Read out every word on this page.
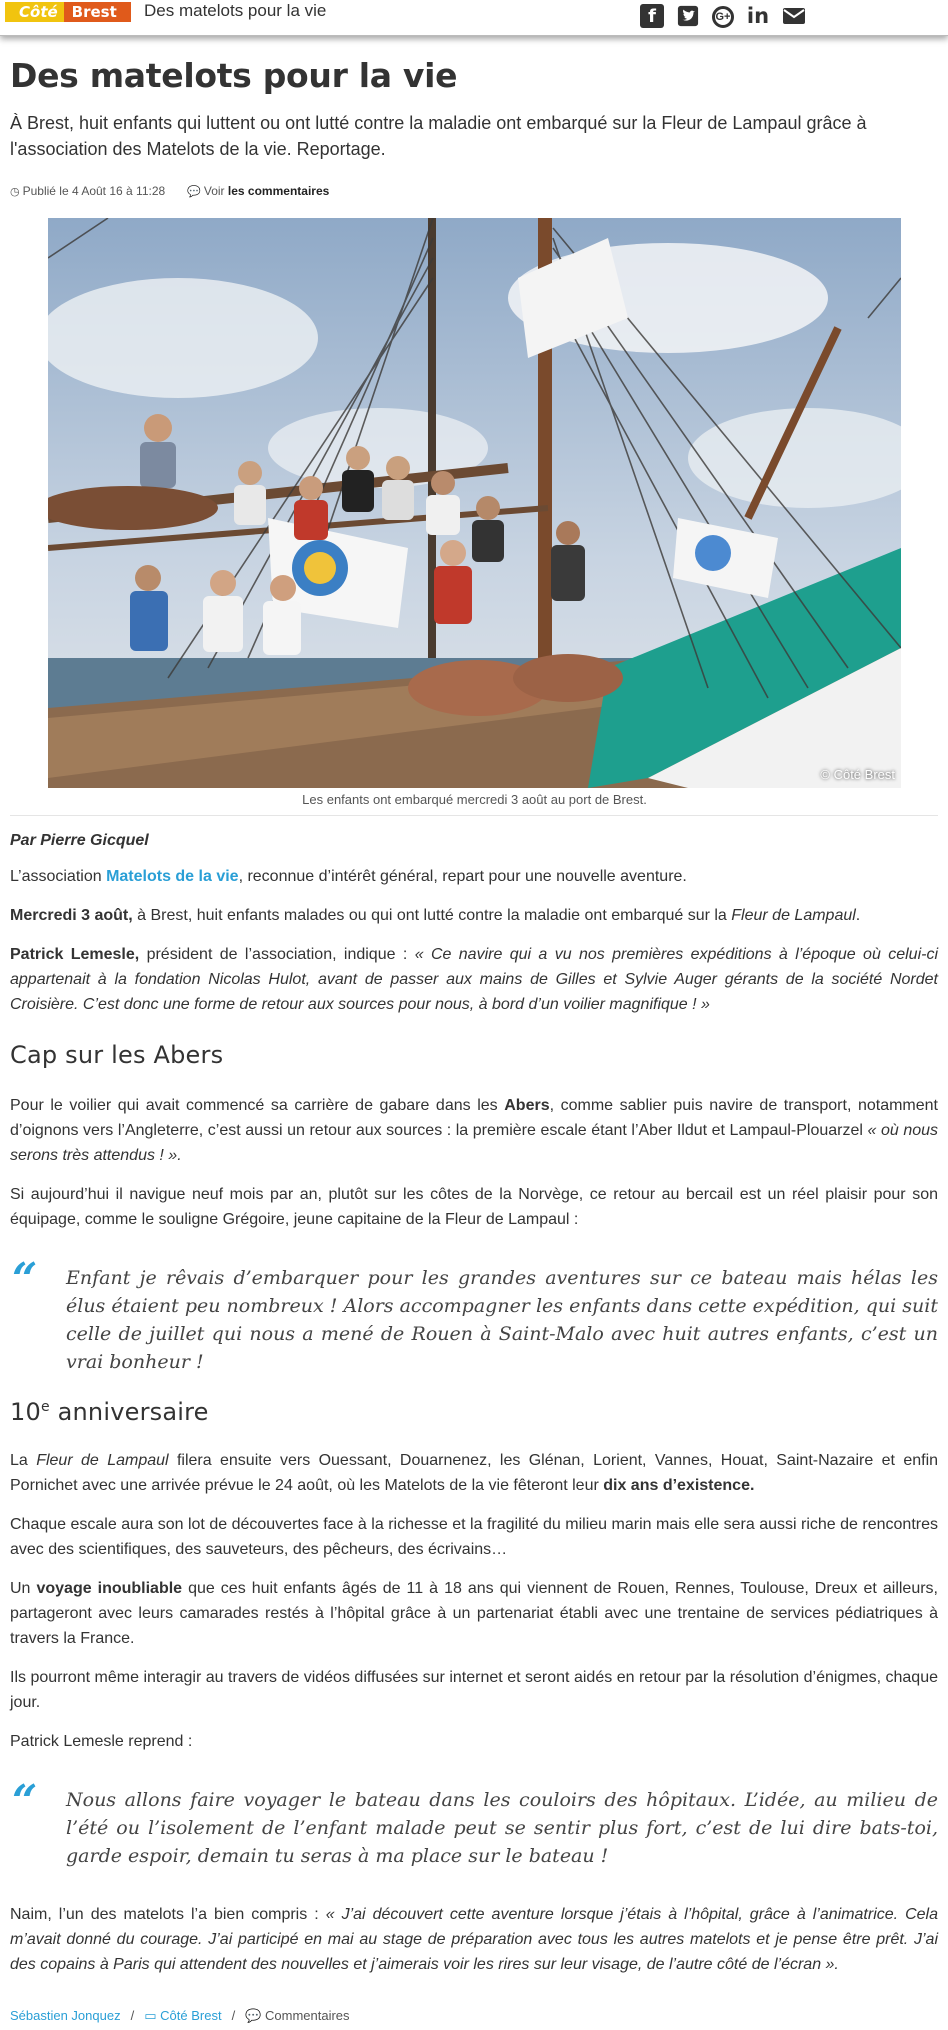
Côté Brest	Des matelots pour la vie	f	G+ in
Des matelots pour la vie

À Brest, huit enfants qui luttent ou ont lutté contre la maladie ont embarqué sur la Fleur de Lampaul grâce à l'association des Matelots de la vie. Reportage.

◷ Publié le 4 Août 16 à 11:28 💬 Voir les commentaires
© Côté Brest
Les enfants ont embarqué mercredi 3 août au port de Brest.
Par Pierre Gicquel

L’association Matelots de la vie, reconnue d’intérêt général, repart pour une nouvelle aventure.

Mercredi 3 août, à Brest, huit enfants malades ou qui ont lutté contre la maladie ont embarqué sur la Fleur de Lampaul.

Patrick Lemesle, président de l’association, indique : « Ce navire qui a vu nos premières expéditions à l’époque où celui-ci appartenait à la fondation Nicolas Hulot, avant de passer aux mains de Gilles et Sylvie Auger gérants de la société Nordet Croisière. C’est donc une forme de retour aux sources pour nous, à bord d’un voilier magnifique ! »

Cap sur les Abers

Pour le voilier qui avait commencé sa carrière de gabare dans les Abers, comme sablier puis navire de transport, notamment d’oignons vers l’Angleterre, c’est aussi un retour aux sources : la première escale étant l’Aber Ildut et Lampaul-Plouarzel « où nous serons très attendus ! ».

Si aujourd’hui il navigue neuf mois par an, plutôt sur les côtes de la Norvège, ce retour au bercail est un réel plaisir pour son équipage, comme le souligne Grégoire, jeune capitaine de la Fleur de Lampaul :

“ Enfant je rêvais d’embarquer pour les grandes aventures sur ce bateau mais hélas les élus étaient peu nombreux ! Alors accompagner les enfants dans cette expédition, qui suit celle de juillet qui nous a mené de Rouen à Saint-Malo avec huit autres enfants, c’est un vrai bonheur !
10e anniversaire

La Fleur de Lampaul filera ensuite vers Ouessant, Douarnenez, les Glénan, Lorient, Vannes, Houat, Saint-Nazaire et enfin Pornichet avec une arrivée prévue le 24 août, où les Matelots de la vie fêteront leur dix ans d’existence.

Chaque escale aura son lot de découvertes face à la richesse et la fragilité du milieu marin mais elle sera aussi riche de rencontres avec des scientifiques, des sauveteurs, des pêcheurs, des écrivains…

Un voyage inoubliable que ces huit enfants âgés de 11 à 18 ans qui viennent de Rouen, Rennes, Toulouse, Dreux et ailleurs, partageront avec leurs camarades restés à l’hôpital grâce à un partenariat établi avec une trentaine de services pédiatriques à travers la France.

Ils pourront même interagir au travers de vidéos diffusées sur internet et seront aidés en retour par la résolution d’énigmes, chaque jour.

Patrick Lemesle reprend :

“ Nous allons faire voyager le bateau dans les couloirs des hôpitaux. L’idée, au milieu de l’été ou l’isolement de l’enfant malade peut se sentir plus fort, c’est de lui dire bats-toi, garde espoir, demain tu seras à ma place sur le bateau !

Naim, l’un des matelots l’a bien compris : « J’ai découvert cette aventure lorsque j’étais à l’hôpital, grâce à l’animatrice. Cela m’avait donné du courage. J’ai participé en mai au stage de préparation avec tous les autres matelots et je pense être prêt. J’ai des copains à Paris qui attendent des nouvelles et j’aimerais voir les rires sur leur visage, de l’autre côté de l’écran ».

Sébastien Jonquez / ▭ Côté Brest / 💬 Commentaires
